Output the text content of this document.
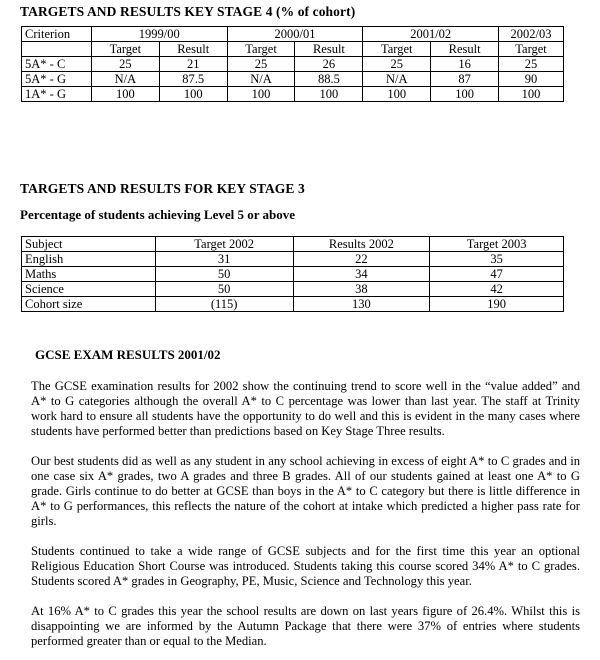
TARGETS AND RESULTS KEY STAGE 4 (% of cohort)
Criterion	1999/00		2000/01		2001/02		2002/03
	Target	Result	Target	Result	Target	Result	Target
5A* - C	25	21	25	26	25	16	25
5A* - G	N/A	87.5	N/A	88.5	N/A	87	90
1A* - G	100	100	100	100	100	100	100
TARGETS AND RESULTS FOR KEY STAGE 3
Percentage of students achieving Level 5 or above
Subject	Target 2002	Results 2002	Target 2003
English	31	22	35
Maths	50	34	47
Science	50	38	42
Cohort size	(115)	130	190
GCSE EXAM RESULTS 2001/02

The GCSE examination results for 2002 show the continuing trend to score well in the “value added” and A* to G categories although the overall A* to C percentage was lower than last year. The staff at Trinity work hard to ensure all students have the opportunity to do well and this is evident in the many cases where students have performed better than predictions based on Key Stage Three results.

Our best students did as well as any student in any school achieving in excess of eight A* to C grades and in one case six A* grades, two A grades and three B grades. All of our students gained at least one A* to G grade. Girls continue to do better at GCSE than boys in the A* to C category but there is little difference in A* to G performances, this reflects the nature of the cohort at intake which predicted a higher pass rate for girls.

Students continued to take a wide range of GCSE subjects and for the first time this year an optional Religious Education Short Course was introduced. Students taking this course scored 34% A* to C grades. Students scored A* grades in Geography, PE, Music, Science and Technology this year.

At 16% A* to C grades this year the school results are down on last years figure of 26.4%. Whilst this is disappointing we are informed by the Autumn Package that there were 37% of entries where students performed greater than or equal to the Median.
